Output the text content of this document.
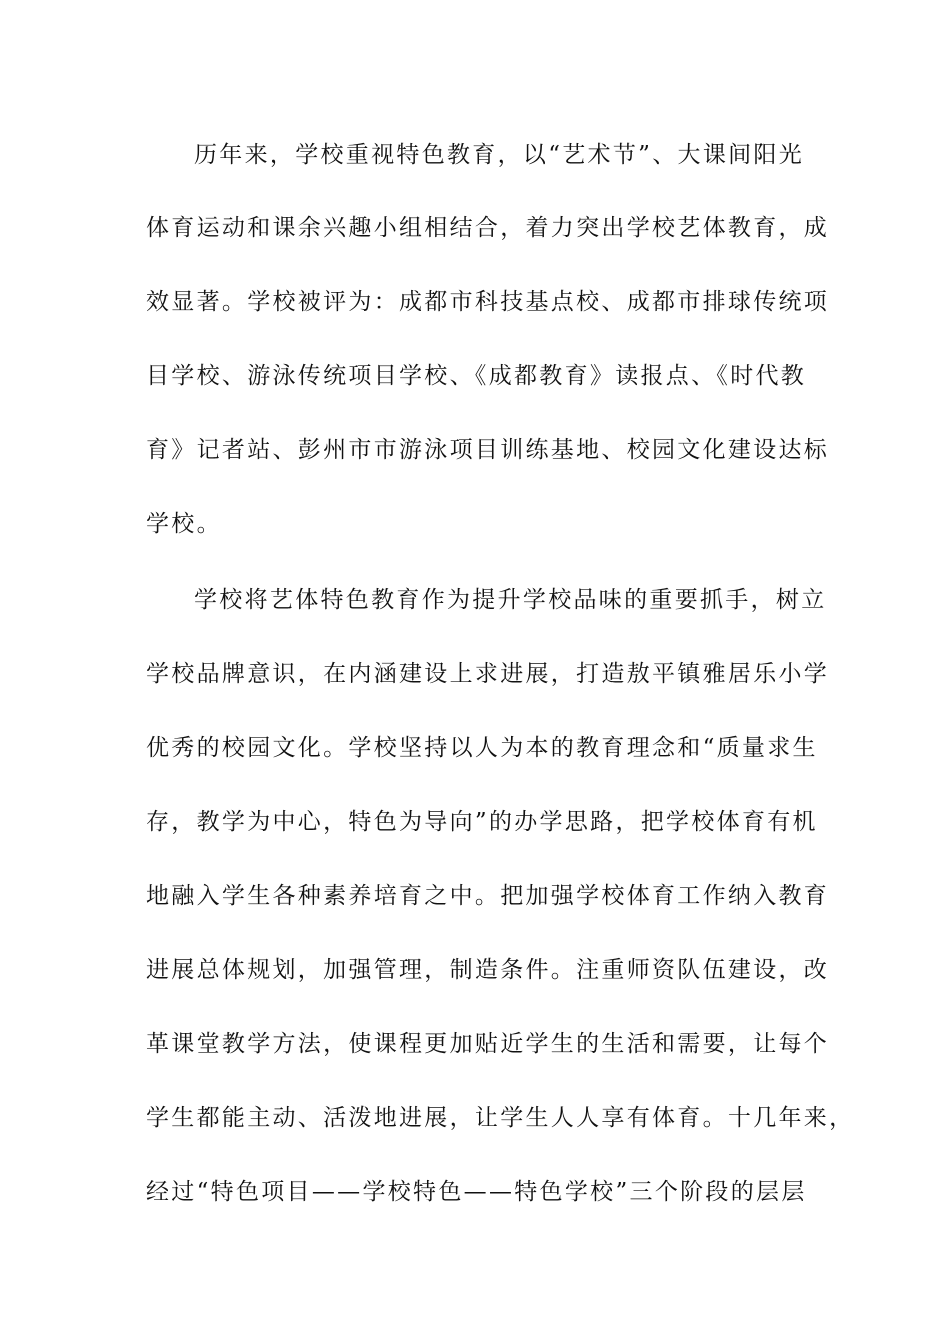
历年来，学校重视特色教育，以“艺术节”、大课间阳光
体育运动和课余兴趣小组相结合，着力突出学校艺体教育，成
效显著。学校被评为：成都市科技基点校、成都市排球传统项
目学校、游泳传统项目学校、《成都教育》读报点、《时代教
育》记者站、彭州市市游泳项目训练基地、校园文化建设达标
学校。
学校将艺体特色教育作为提升学校品味的重要抓手，树立
学校品牌意识，在内涵建设上求进展，打造敖平镇雅居乐小学
优秀的校园文化。学校坚持以人为本的教育理念和“质量求生
存，教学为中心，特色为导向”的办学思路，把学校体育有机
地融入学生各种素养培育之中。把加强学校体育工作纳入教育
进展总体规划，加强管理，制造条件。注重师资队伍建设，改
革课堂教学方法，使课程更加贴近学生的生活和需要，让每个
学生都能主动、活泼地进展，让学生人人享有体育。十几年来，
经过“特色项目——学校特色——特色学校”三个阶段的层层
